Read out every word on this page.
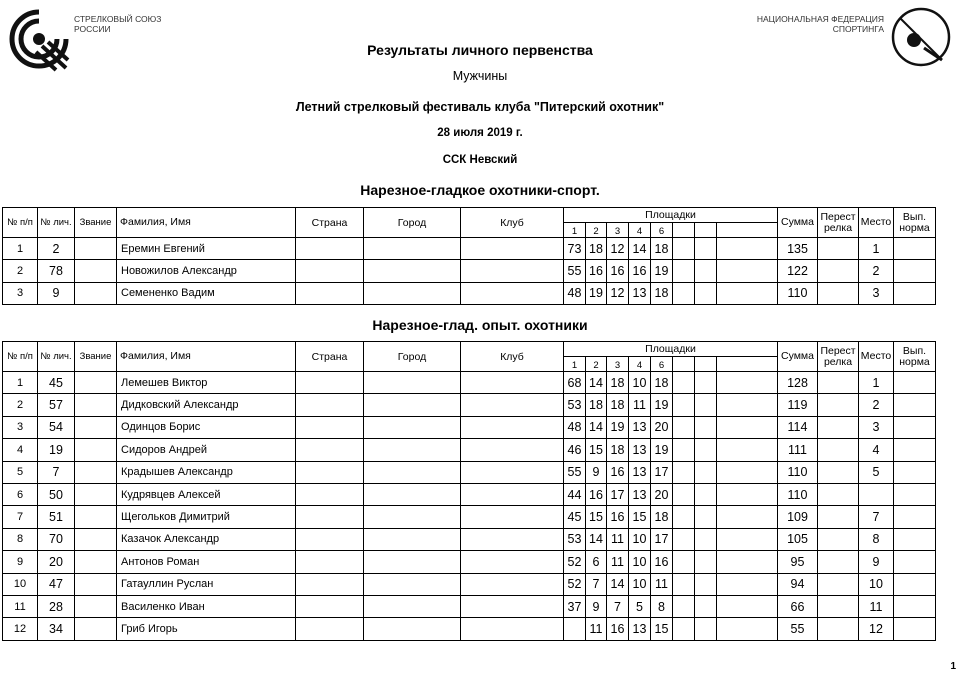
СТРЕЛКОВЫЙ СОЮЗ
РОССИИ
НАЦИОНАЛЬНАЯ ФЕДЕРАЦИЯ
СПОРТИНГА
Результаты личного первенства
Мужчины
Летний стрелковый фестиваль клуба "Питерский охотник"
28 июля 2019 г.
ССК Невский
Нарезное-гладкое охотники-спорт.
№ п/п	№ лич.	Звание	Фамилия, Имя	Страна	Город	Клуб	Площадки								Сумма	Перест релка	Место	Вып. норма
							1	2	3	4	6							
1	2		Еремин Евгений				73	18	12	14	18				135		1	
2	78		Новожилов Александр				55	16	16	16	19				122		2	
3	9		Семененко Вадим				48	19	12	13	18				110		3	
Нарезное-глад. опыт. охотники
№ п/п	№ лич.	Звание	Фамилия, Имя	Страна	Город	Клуб	Площадки								Сумма	Перест релка	Место	Вып. норма
							1	2	3	4	6							
1	45		Лемешев Виктор				68	14	18	10	18				128		1	
2	57		Дидковский Александр				53	18	18	11	19				119		2	
3	54		Одинцов Борис				48	14	19	13	20				114		3	
4	19		Сидоров Андрей				46	15	18	13	19				111		4	
5	7		Крадышев Александр				55	9	16	13	17				110		5	
6	50		Кудрявцев Алексей				44	16	17	13	20				110			
7	51		Щегольков Димитрий				45	15	16	15	18				109		7	
8	70		Казачок Александр				53	14	11	10	17				105		8	
9	20		Антонов Роман				52	6	11	10	16				95		9	
10	47		Гатауллин Руслан				52	7	14	10	11				94		10	
11	28		Василенко Иван				37	9	7	5	8				66		11	
12	34		Гриб Игорь					11	16	13	15				55		12	
1
